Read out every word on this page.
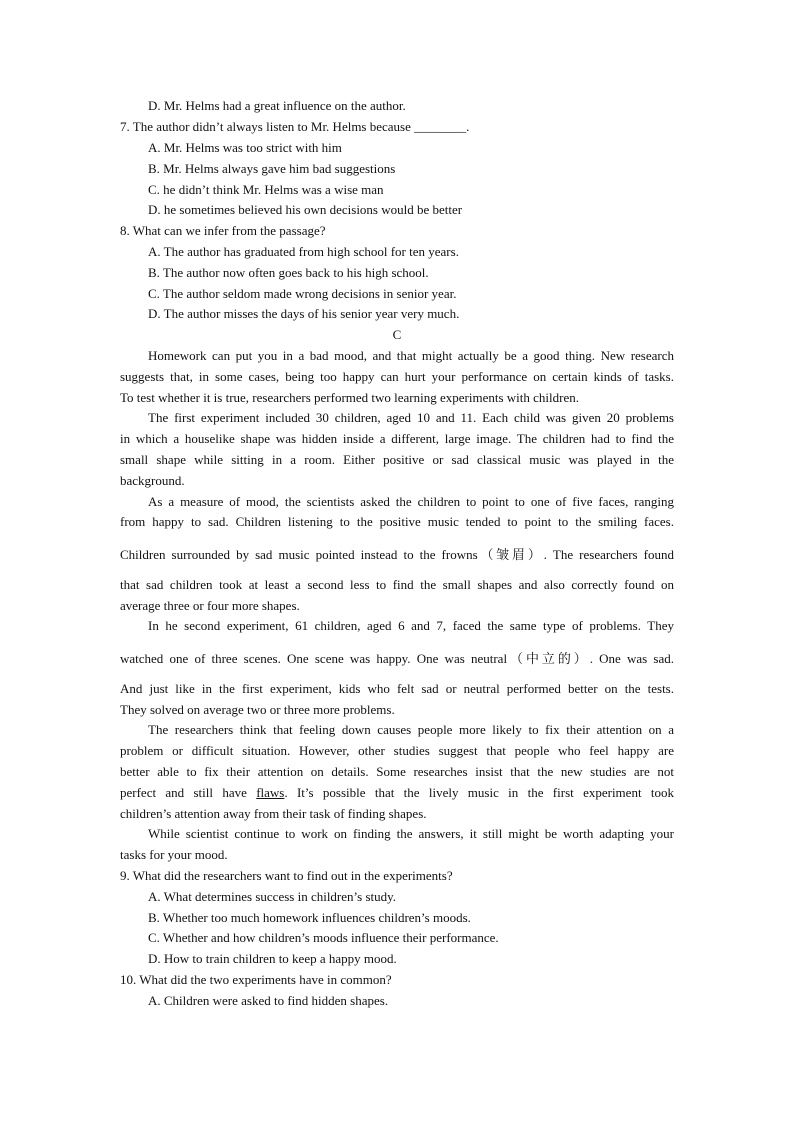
D. Mr. Helms had a great influence on the author.
7. The author didn’t always listen to Mr. Helms because ________.
A. Mr. Helms was too strict with him
B. Mr. Helms always gave him bad suggestions
C. he didn’t think Mr. Helms was a wise man
D. he sometimes believed his own decisions would be better
8. What can we infer from the passage?
A. The author has graduated from high school for ten years.
B. The author now often goes back to his high school.
C. The author seldom made wrong decisions in senior year.
D. The author misses the days of his senior year very much.
C
Homework can put you in a bad mood, and that might actually be a good thing. New research
suggests that, in some cases, being too happy can hurt your performance on certain kinds of tasks.
To test whether it is true, researchers performed two learning experiments with children.
The first experiment included 30 children, aged 10 and 11. Each child was given 20 problems
in which a houselike shape was hidden inside a different, large image. The children had to find the
small shape while sitting in a room. Either positive or sad classical music was played in the
background.
As a measure of mood, the scientists asked the children to point to one of five faces, ranging
from happy to sad. Children listening to the positive music tended to point to the smiling faces.
Children surrounded by sad music pointed instead to the frowns（皱眉）. The researchers found
that sad children took at least a second less to find the small shapes and also correctly found on
average three or four more shapes.
In he second experiment, 61 children, aged 6 and 7, faced the same type of problems. They
watched one of three scenes. One scene was happy. One was neutral（中立的）. One was sad.
And just like in the first experiment, kids who felt sad or neutral performed better on the tests.
They solved on average two or three more problems.
The researchers think that feeling down causes people more likely to fix their attention on a
problem or difficult situation. However, other studies suggest that people who feel happy are
better able to fix their attention on details. Some researches insist that the new studies are not
perfect and still have flaws. It’s possible that the lively music in the first experiment took
children’s attention away from their task of finding shapes.
While scientist continue to work on finding the answers, it still might be worth adapting your
tasks for your mood.
9. What did the researchers want to find out in the experiments?
A. What determines success in children’s study.
B. Whether too much homework influences children’s moods.
C. Whether and how children’s moods influence their performance.
D. How to train children to keep a happy mood.
10. What did the two experiments have in common?
A. Children were asked to find hidden shapes.
